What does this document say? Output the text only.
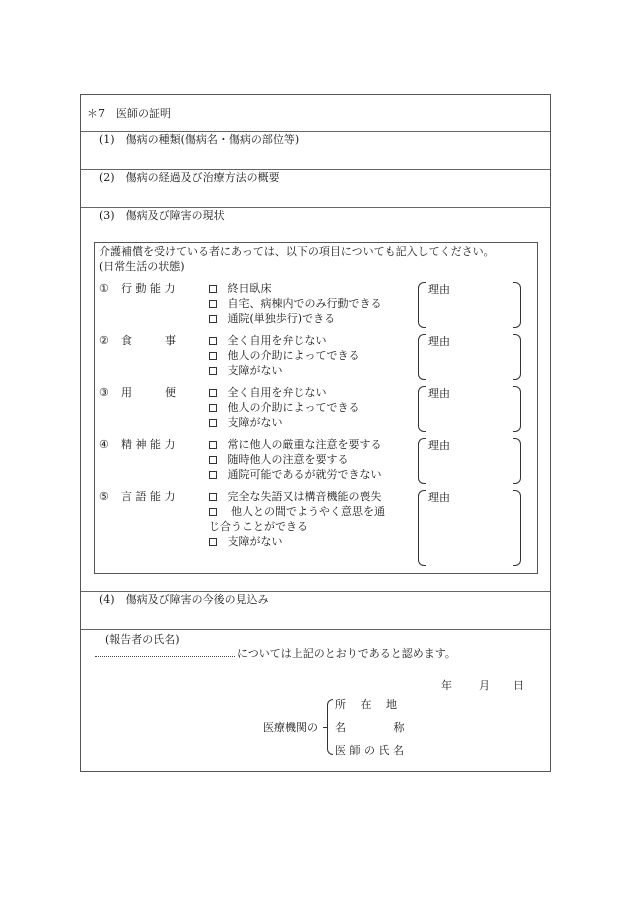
＊7　医師の証明
(1)　傷病の種類(傷病名・傷病の部位等)
(2)　傷病の経過及び治療方法の概要
(3)　傷病及び障害の現状
介護補償を受けている者にあっては、以下の項目についても記入してください。
(日常生活の状態)
① 行 動 能 力	終日臥床
自宅、病棟内でのみ行動できる
通院(単独歩行)できる
理由
② 食　　　事	全く自用を弁じない
他人の介助によってできる
支障がない
理由
③ 用　　　便	全く自用を弁じない
他人の介助によってできる
支障がない
理由
④ 精 神 能 力	常に他人の厳重な注意を要する
随時他人の注意を要する
通院可能であるが就労できない
理由
⑤ 言 語 能 力	完全な失語又は構音機能の喪失
他人との間でようやく意思を通
じ合うことができる
支障がない
理由
(4)　傷病及び障害の今後の見込み
(報告者の氏名)
については上記のとおりであると認めます。
年 月 日
医療機関の
所　 在　 地
名　　　　 称
医 師 の 氏 名
